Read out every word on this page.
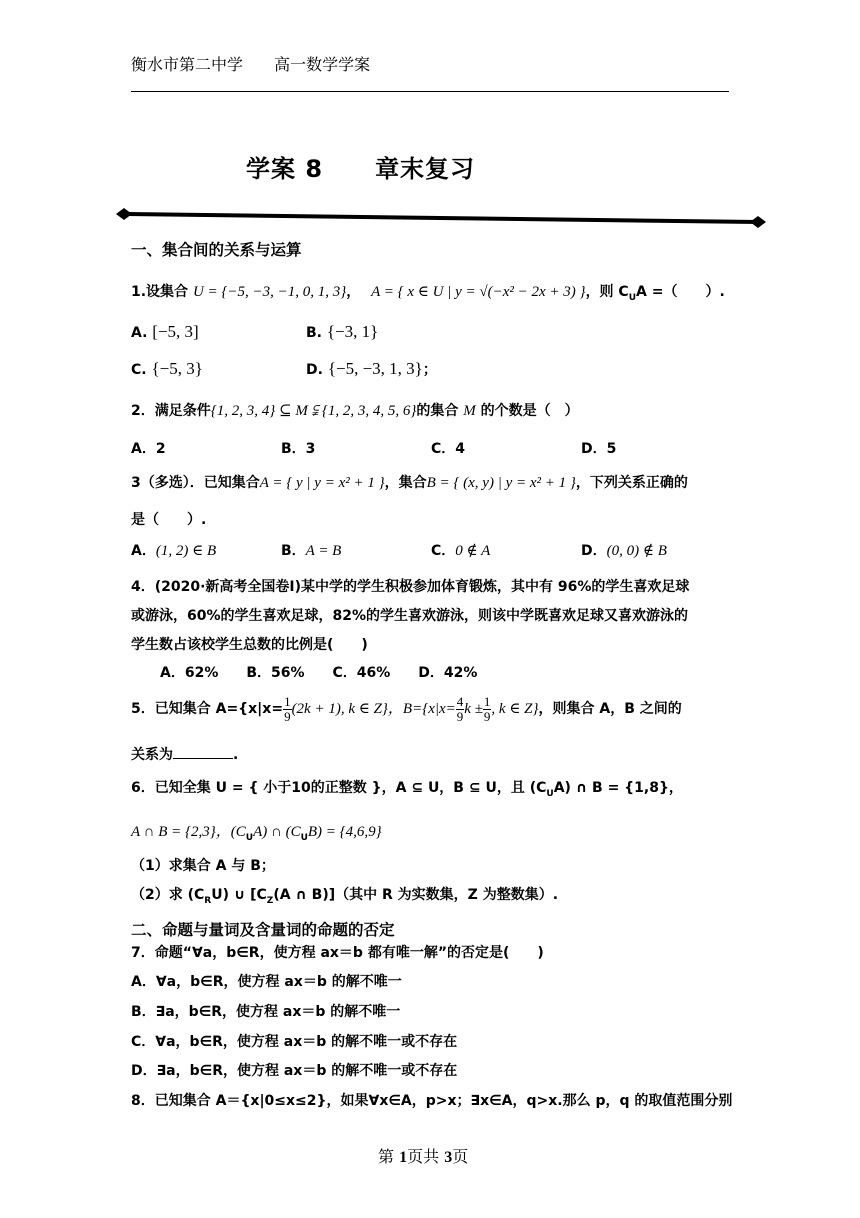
衡水市第二中学 高一数学学案
学案 8 章末复习
一、集合间的关系与运算
1.设集合 U = {−5, −3, −1, 0, 1, 3}， A = { x ∈ U | y = √(−x² − 2x + 3) }，则 $C_UA$ =（　　）.
A. [−5, 3]	B. {−3, 1}
C. {−5, 3}	D. {−5, −3, 1, 3}；
2．满足条件{1, 2, 3, 4} ⊆ M ⫋ {1, 2, 3, 4, 5, 6}的集合 M 的个数是（　）
A．2	B．3	C．4	D．5
3（多选）．已知集合A = { y | y = x² + 1 }，集合B = { (x, y) | y = x² + 1 }，下列关系正确的
是（　　）.
A．(1, 2) ∈ B	B．A = B	C．0 ∉ A	D．(0, 0) ∉ B
4．(2020·新高考全国卷Ⅰ)某中学的学生积极参加体育锻炼，其中有 96%的学生喜欢足球
或游泳，60%的学生喜欢足球，82%的学生喜欢游泳，则该中学既喜欢足球又喜欢游泳的
学生数占该校学生总数的比例是(　　)
A．62%　　B．56%　　C．46%　　D．42%
5．已知集合 $A=\{x|x= \frac{1}{9} (2k + 1)$, k ∈ Z}，$B=\{x|x= \frac{4}{9}$ $k \pm \frac{1}{9}$ , k ∈ Z}，则集合 A，B 之间的
关系为	.
6．已知全集 U = { 小于10的正整数 }，A ⊆ U，B ⊆ U，且 $(C_UA)$ ∩ B = {1,8}，
A ∩ B = {2,3}，$(C_UA)$ ∩ $(C_UB) = \{4,6,9\}$
（1）求集合 A 与 B；
（2）求 $(C_RU)$ ∪ [$C_Z(A$ ∩ B)]（其中 R 为实数集，Z 为整数集）.
二、命题与量词及含量词的命题的否定
7．命题“∀a，b∈R，使方程 ax＝b 都有唯一解”的否定是(　　)
A．∀a，b∈R，使方程 ax＝b 的解不唯一
B．∃a，b∈R，使方程 ax＝b 的解不唯一
C．∀a，b∈R，使方程 ax＝b 的解不唯一或不存在
D．∃a，b∈R，使方程 ax＝b 的解不唯一或不存在
8．已知集合 A＝{x|0≤x≤2}，如果∀x∈A，p>x；∃x∈A，q>x.那么 p，q 的取值范围分别
第 1页共 3页
